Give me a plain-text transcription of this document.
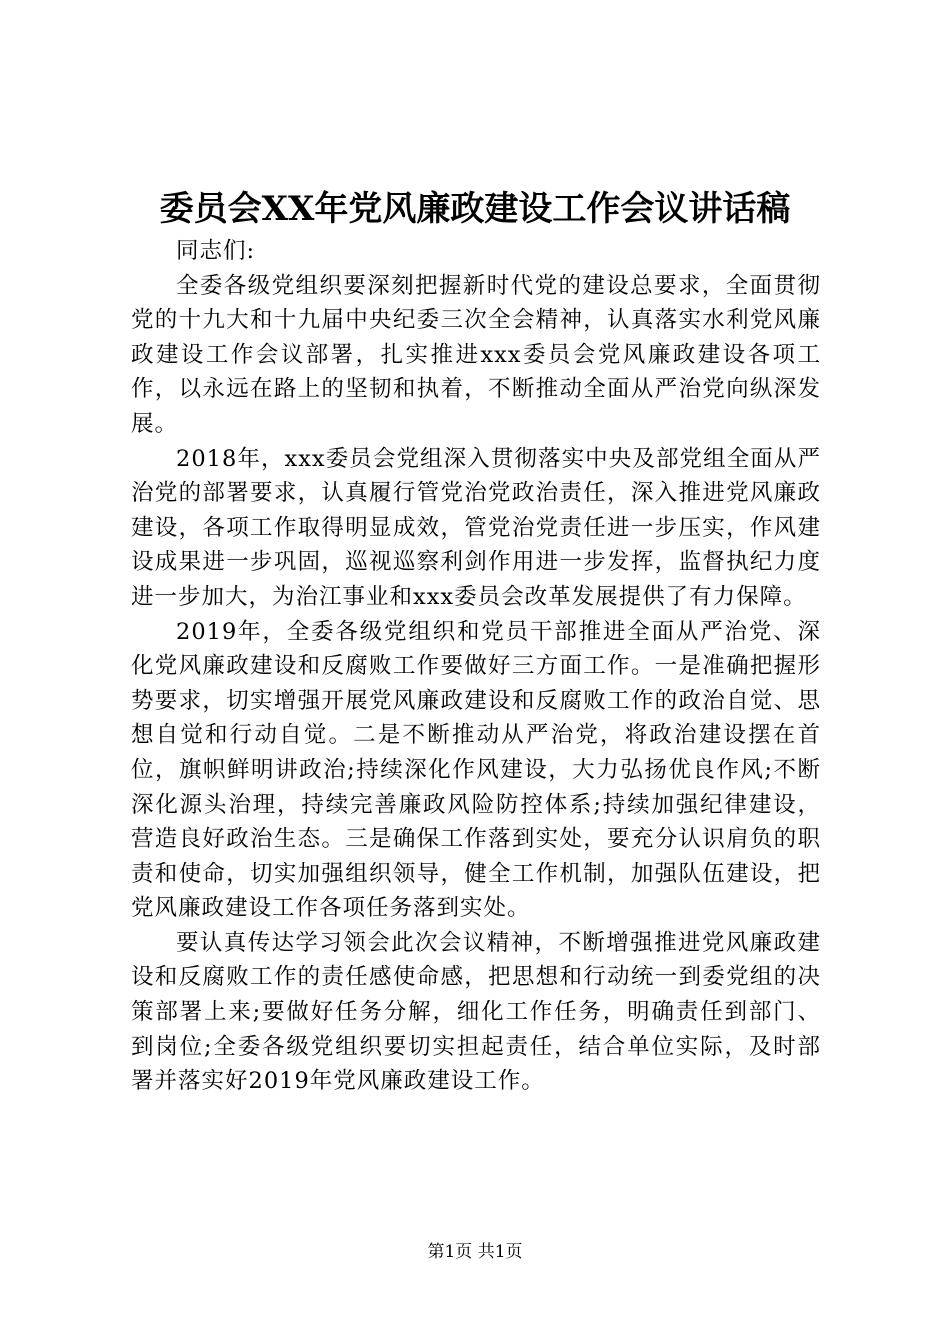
委员会XX年党风廉政建设工作会议讲话稿

同志们:

全委各级党组织要深刻把握新时代党的建设总要求，全面贯彻党的十九大和十九届中央纪委三次全会精神，认真落实水利党风廉政建设工作会议部署，扎实推进xxx委员会党风廉政建设各项工作，以永远在路上的坚韧和执着，不断推动全面从严治党向纵深发展。

2018年，xxx委员会党组深入贯彻落实中央及部党组全面从严治党的部署要求，认真履行管党治党政治责任，深入推进党风廉政建设，各项工作取得明显成效，管党治党责任进一步压实，作风建设成果进一步巩固，巡视巡察利剑作用进一步发挥，监督执纪力度进一步加大，为治江事业和xxx委员会改革发展提供了有力保障。

2019年，全委各级党组织和党员干部推进全面从严治党、深化党风廉政建设和反腐败工作要做好三方面工作。一是准确把握形势要求，切实增强开展党风廉政建设和反腐败工作的政治自觉、思想自觉和行动自觉。二是不断推动从严治党，将政治建设摆在首位，旗帜鲜明讲政治;持续深化作风建设，大力弘扬优良作风;不断深化源头治理，持续完善廉政风险防控体系;持续加强纪律建设，营造良好政治生态。三是确保工作落到实处，要充分认识肩负的职责和使命，切实加强组织领导，健全工作机制，加强队伍建设，把党风廉政建设工作各项任务落到实处。

要认真传达学习领会此次会议精神，不断增强推进党风廉政建设和反腐败工作的责任感使命感，把思想和行动统一到委党组的决策部署上来;要做好任务分解，细化工作任务，明确责任到部门、到岗位;全委各级党组织要切实担起责任，结合单位实际，及时部署并落实好2019年党风廉政建设工作。

第1页 共1页
